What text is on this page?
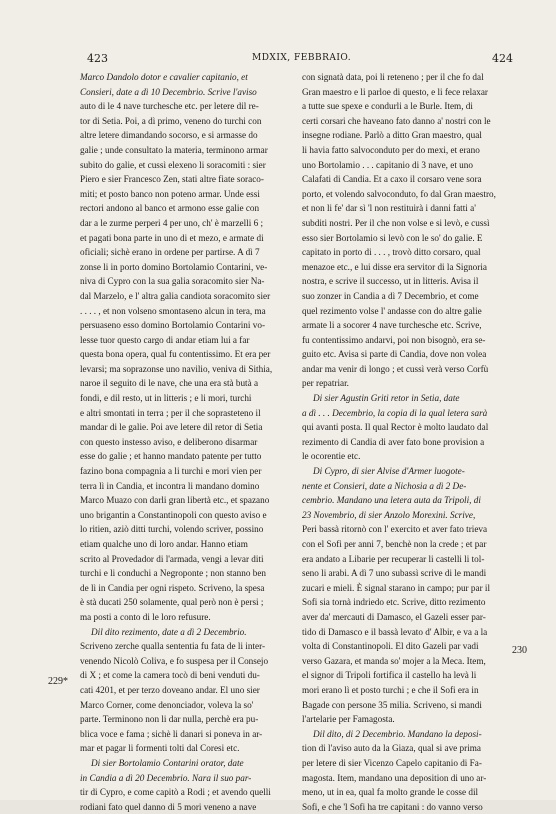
423	MDXIX, FEBBRAIO.	424
229*
230
Marco Dandolo dotor e cavalier capitanio, et
Consieri, date a dì 10 Decembrio. Scrive l'aviso
auto di le 4 nave turchesche etc. per letere dil re-
tor di Setia. Poi, a dì primo, veneno do turchi con
altre letere dimandando socorso, e si armasse do
galie ; unde consultato la materia, terminono armar
subito do galie, et cussì elexeno li soracomiti : sier
Piero e sier Francesco Zen, stati altre fiate soraco-
miti; et posto banco non poteno armar. Unde essi
rectori andono al banco et armono esse galie con
dar a le zurme perperi 4 per uno, ch' è marzelli 6 ;
et pagati bona parte in uno di et mezo, e armate di
oficiali; sichè erano in ordene per partirse. A dì 7
zonse li in porto domino Bortolamio Contarini, ve-
niva di Cypro con la sua galia soracomito sier Na-
dal Marzelo, e l' altra galia candiota soracomito sier
. . . . , et non volseno smontaseno alcun in tera, ma
persuaseno esso domino Bortolamio Contarini vo-
lesse tuor questo cargo di andar etiam lui a far
questa bona opera, qual fu contentissimo. Et era per
levarsi; ma soprazonse uno navilio, veniva di Sithia,
naroe il seguito di le nave, che una era stà butà a
fondi, e dil resto, ut in litteris ; e li mori, turchi
e altri smontati in terra ; per il che soprasteteno il
mandar di le galie. Poi ave letere dil retor di Setia
con questo instesso aviso, e deliberono disarmar
esse do galie ; et hanno mandato patente per tutto
fazino bona compagnia a li turchi e mori vien per
terra lì in Candia, et incontra li mandano domino
Marco Muazo con darli gran libertà etc., et spazano
uno brigantin a Constantinopoli con questo aviso e
lo ritien, aziò ditti turchi, volendo scriver, possino
etiam qualche uno di loro andar. Hanno etiam
scrito al Provedador di l'armada, vengi a levar diti
turchi e li conduchi a Negroponte ; non stanno ben
de lì in Candia per ogni rispeto. Scriveno, la spesa
è stà ducati 250 solamente, qual però non è persi ;
ma posti a conto di le loro refusure.
Dil dito rezimento, date a dì 2 Decembrio.
Scriveno zerche qualla sententia fu fata de li inter-
venendo Nicolò Coliva, e fo suspesa per il Consejo
di X ; et come la camera tocò di beni venduti du-
cati 4201, et per terzo doveano andar. El uno sier
Marco Corner, come denonciador, voleva la so'
parte. Terminono non li dar nulla, perchè era pu-
blica voce e fama ; sichè li danari si poneva in ar-
mar et pagar li formenti tolti dal Coresi etc.
Di sier Bortolamio Contarini orator, date
in Candia a dì 20 Decembrio. Nara il suo par-
tir di Cypro, e come capitò a Rodi ; et avendo quelli
rodiani fato quel danno di 5 mori veneno a nave
con signatà data, poi li reteneno ; per il che fo dal
Gran maestro e li parloe di questo, e li fece relaxar
a tutte sue spexe e condurli a le Burle. Item, di
certi corsari che haveano fato danno a' nostri con le
insegne rodiane. Parlò a ditto Gran maestro, qual
li havia fatto salvoconduto per do mexi, et erano
uno Bortolamio . . . capitanio di 3 nave, et uno
Calafati di Candia. Et a caxo il corsaro vene sora
porto, et volendo salvoconduto, fo dal Gran maestro,
et non li fe' dar sì 'l non restituirà i danni fatti a'
subditi nostri. Per il che non volse e si levò, e cussì
esso sier Bortolamio si levò con le so' do galie. E
capitato in porto di . . . , trovò ditto corsaro, qual
menazoe etc., e lui disse era servitor di la Signoria
nostra, e scrive il successo, ut in litteris. Avisa il
suo zonzer in Candia a dì 7 Decembrio, et come
quel rezimento volse l' andasse con do altre galie
armate li a socorer 4 nave turchesche etc. Scrive,
fu contentissimo andarvi, poi non bisognò, era se-
guito etc. Avisa si parte di Candia, dove non volea
andar ma venir di longo ; et cussì verà verso Corfù
per repatriar.
Di sier Agustin Griti retor in Setia, date
a dì . . . Decembrio, la copia di la qual letera sarà
qui avanti posta. Il qual Rector è molto laudato dal
rezimento di Candia di aver fato bone provision a
le ocorentie etc.
Di Cypro, di sier Alvise d'Armer luogote-
nente et Consieri, date a Nichosia a dì 2 De-
cembrio. Mandano una letera auta da Tripoli, di
23 Novembrio, di sier Anzolo Morexini. Scrive,
Peri bassà ritornò con l' exercito et aver fato trieva
con el Sofi per anni 7, benchè non la crede ; et par
era andato a Libarie per recuperar li castelli li tol-
seno li arabi. A dì 7 uno subassì scrive di le mandi
zucari e mieli. È signal starano in campo; pur par il
Sofi sia tornà indriedo etc. Scrive, ditto rezimento
aver da' mercauti di Damasco, el Gazeli esser par-
tido di Damasco e il bassà levato d' Albir, e va a la
volta di Constantinopoli. El dito Gazeli par vadi
verso Gazara, et manda so' mojer a la Meca. Item,
el signor di Tripoli fortifica il castello ha levà li
mori erano lì et posto turchi ; e che il Sofi era in
Bagade con persone 35 milia. Scriveno, si mandi
l'artelarie per Famagosta.
Dil dito, di 2 Decembrio. Mandano la deposi-
tion di l'aviso auto da la Giaza, qual si ave prima
per letere di sier Vicenzo Capelo capitanio di Fa-
magosta. Item, mandano una deposition di uno ar-
meno, ut in ea, qual fa molto grande le cosse dil
Sofi, e che 'l Sofi ha tre capitani : do vanno verso
